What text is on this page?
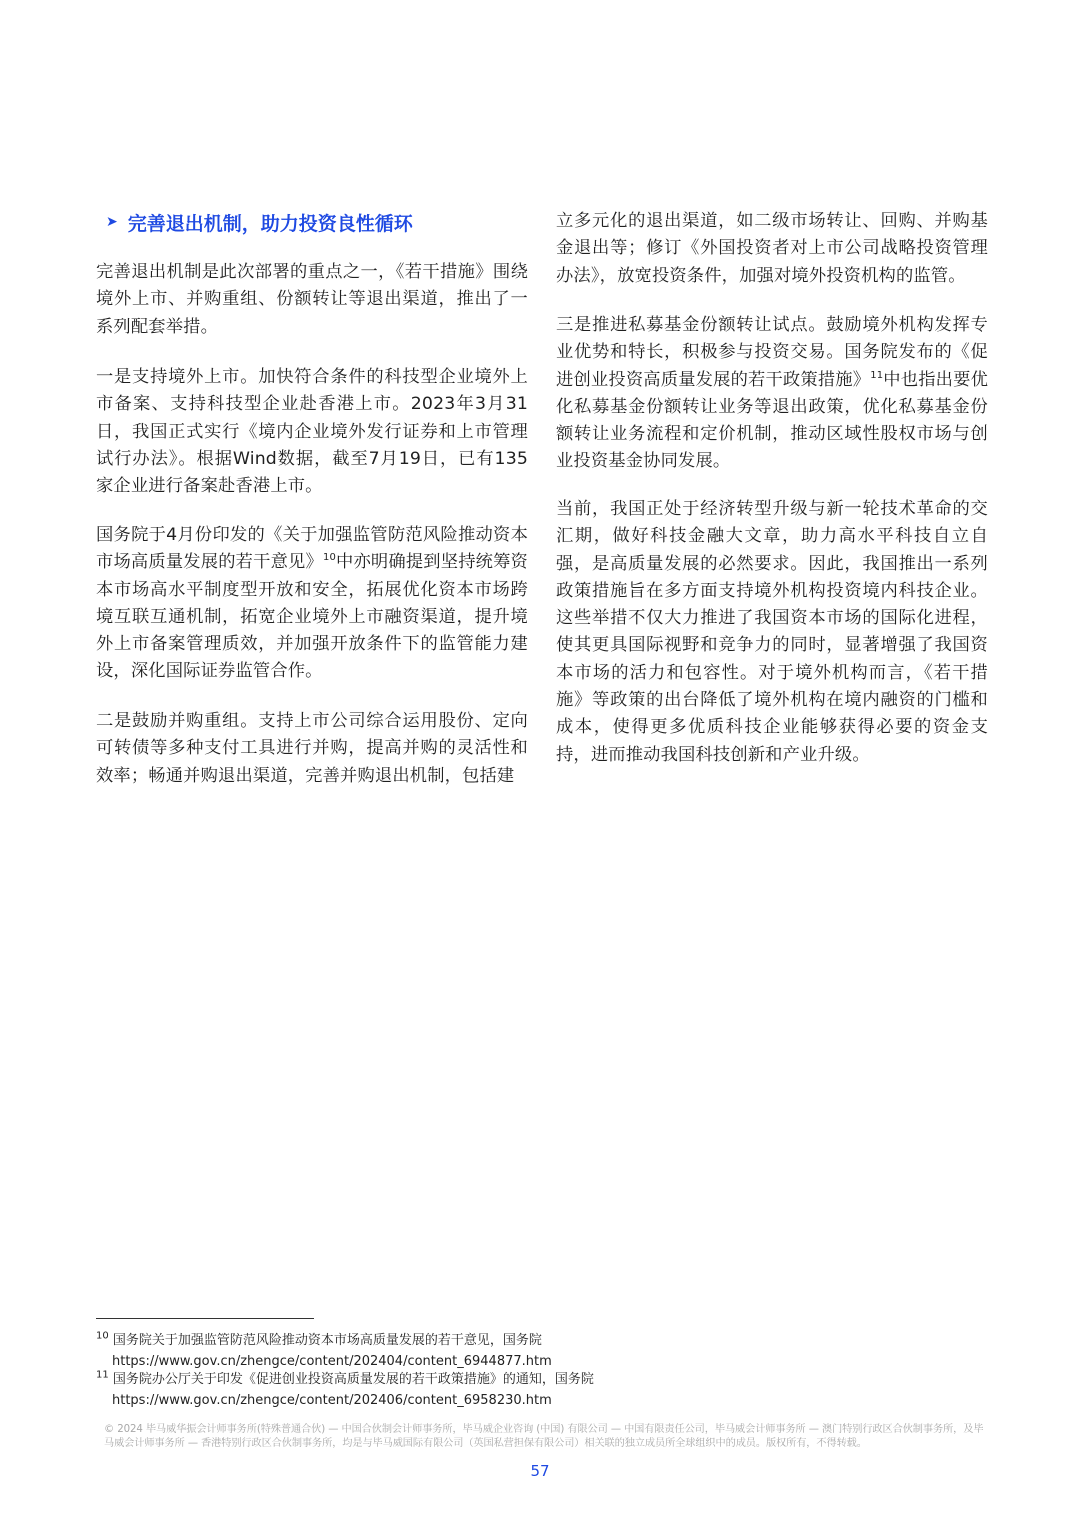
➤ 完善退出机制，助力投资良性循环

完善退出机制是此次部署的重点之一，《若干措施》围绕境外上市、并购重组、份额转让等退出渠道，推出了一系列配套举措。

一是支持境外上市。加快符合条件的科技型企业境外上市备案、支持科技型企业赴香港上市。2023年3月31日，我国正式实行《境内企业境外发行证券和上市管理试行办法》。根据Wind数据，截至7月19日，已有135家企业进行备案赴香港上市。

国务院于4月份印发的《关于加强监管防范风险推动资本市场高质量发展的若干意见》$^{10}$中亦明确提到坚持统筹资本市场高水平制度型开放和安全，拓展优化资本市场跨境互联互通机制，拓宽企业境外上市融资渠道，提升境外上市备案管理质效，并加强开放条件下的监管能力建设，深化国际证券监管合作。

二是鼓励并购重组。支持上市公司综合运用股份、定向可转债等多种支付工具进行并购，提高并购的灵活性和效率；畅通并购退出渠道，完善并购退出机制，包括建

立多元化的退出渠道，如二级市场转让、回购、并购基金退出等；修订《外国投资者对上市公司战略投资管理办法》，放宽投资条件，加强对境外投资机构的监管。

三是推进私募基金份额转让试点。鼓励境外机构发挥专业优势和特长，积极参与投资交易。国务院发布的《促进创业投资高质量发展的若干政策措施》$^{11}$中也指出要优化私募基金份额转让业务等退出政策，优化私募基金份额转让业务流程和定价机制，推动区域性股权市场与创业投资基金协同发展。

当前，我国正处于经济转型升级与新一轮技术革命的交汇期，做好科技金融大文章，助力高水平科技自立自强，是高质量发展的必然要求。因此，我国推出一系列政策措施旨在多方面支持境外机构投资境内科技企业。这些举措不仅大力推进了我国资本市场的国际化进程，使其更具国际视野和竞争力的同时，显著增强了我国资本市场的活力和包容性。对于境外机构而言，《若干措施》等政策的出台降低了境外机构在境内融资的门槛和成本，使得更多优质科技企业能够获得必要的资金支持，进而推动我国科技创新和产业升级。

$^{10}$ 国务院关于加强监管防范风险推动资本市场高质量发展的若干意见，国务院
https://www.gov.cn/zhengce/content/202404/content_6944877.htm
$^{11}$ 国务院办公厅关于印发《促进创业投资高质量发展的若干政策措施》的通知，国务院
https://www.gov.cn/zhengce/content/202406/content_6958230.htm
© 2024 毕马威华振会计师事务所(特殊普通合伙) — 中国合伙制会计师事务所，毕马威企业咨询 (中国) 有限公司 — 中国有限责任公司，毕马威会计师事务所 — 澳门特别行政区合伙制事务所，及毕马威会计师事务所 — 香港特别行政区合伙制事务所，均是与毕马威国际有限公司（英国私营担保有限公司）相关联的独立成员所全球组织中的成员。版权所有，不得转载。
57
